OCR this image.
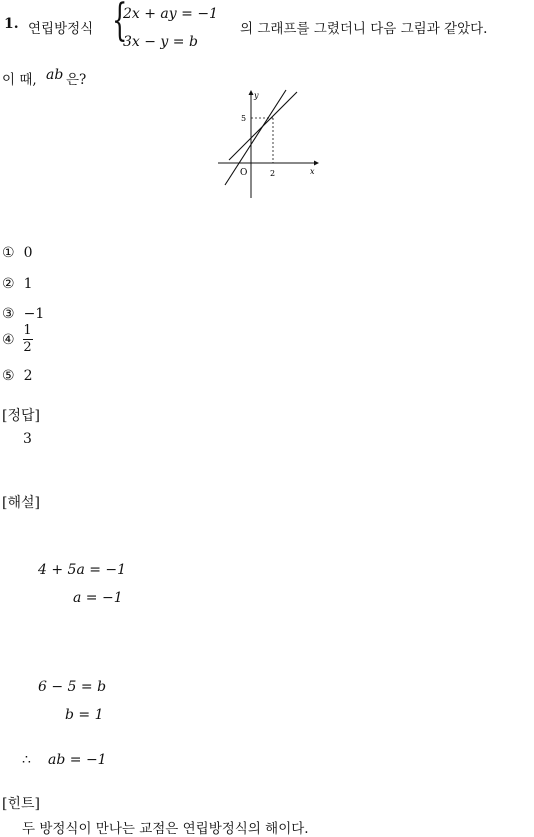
1. 연립방정식 {
2x + ay = −1
3x − y = b
의 그래프를 그렸더니 다음 그림과 같았다.
이 때, ab 은?
y
x
O	2
5
① 0
② 1
③ −1
④ $\frac{1}{2}$
⑤ 2
[정답]
3
[해설]
4 + 5a = −1
a = −1
6 − 5 = b
b = 1
∴ ab = −1
[힌트]
두 방정식이 만나는 교점은 연립방정식의 해이다.
